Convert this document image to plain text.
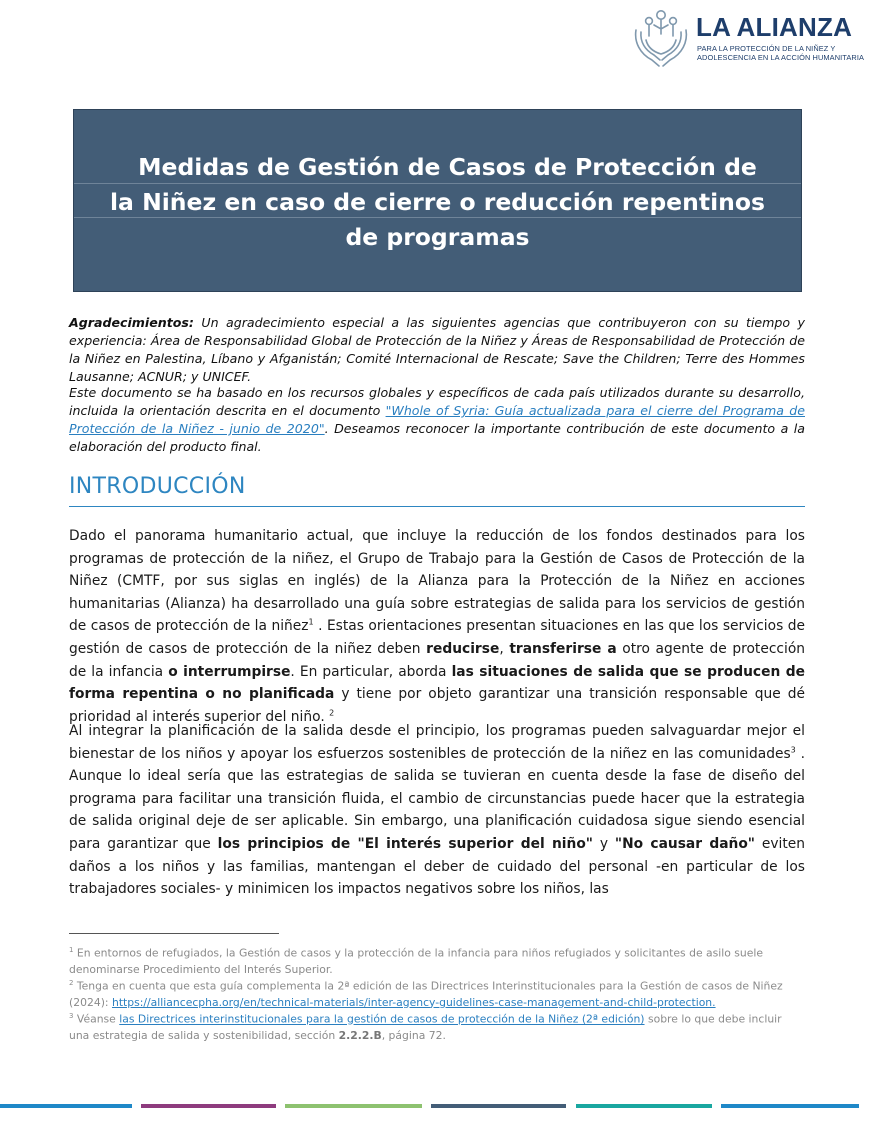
LA ALIANZA
PARA LA PROTECCIÓN DE LA NIÑEZ Y
ADOLESCENCIA EN LA ACCIÓN HUMANITARIA
Medidas de Gestión de Casos de Protección de
la Niñez en caso de cierre o reducción repentinos
de programas
Agradecimientos: Un agradecimiento especial a las siguientes agencias que contribuyeron con su tiempo y experiencia: Área de Responsabilidad Global de Protección de la Niñez y Áreas de Responsabilidad de Protección de la Niñez en Palestina, Líbano y Afganistán; Comité Internacional de Rescate; Save the Children; Terre des Hommes Lausanne; ACNUR; y UNICEF.
Este documento se ha basado en los recursos globales y específicos de cada país utilizados durante su desarrollo, incluida la orientación descrita en el documento "Whole of Syria: Guía actualizada para el cierre del Programa de Protección de la Niñez - junio de 2020". Deseamos reconocer la importante contribución de este documento a la elaboración del producto final.
INTRODUCCIÓN
Dado el panorama humanitario actual, que incluye la reducción de los fondos destinados para los programas de protección de la niñez, el Grupo de Trabajo para la Gestión de Casos de Protección de la Niñez (CMTF, por sus siglas en inglés) de la Alianza para la Protección de la Niñez en acciones humanitarias (Alianza) ha desarrollado una guía sobre estrategias de salida para los servicios de gestión de casos de protección de la niñez$^1$ . Estas orientaciones presentan situaciones en las que los servicios de gestión de casos de protección de la niñez deben reducirse, transferirse a otro agente de protección de la infancia o interrumpirse. En particular, aborda las situaciones de salida que se producen de forma repentina o no planificada y tiene por objeto garantizar una transición responsable que dé prioridad al interés superior del niño. $^2$
Al integrar la planificación de la salida desde el principio, los programas pueden salvaguardar mejor el bienestar de los niños y apoyar los esfuerzos sostenibles de protección de la niñez en las comunidades$^3$ . Aunque lo ideal sería que las estrategias de salida se tuvieran en cuenta desde la fase de diseño del programa para facilitar una transición fluida, el cambio de circunstancias puede hacer que la estrategia de salida original deje de ser aplicable. Sin embargo, una planificación cuidadosa sigue siendo esencial para garantizar que los principios de "El interés superior del niño" y "No causar daño" eviten daños a los niños y las familias, mantengan el deber de cuidado del personal -en particular de los trabajadores sociales- y minimicen los impactos negativos sobre los niños, las
$^1$ En entornos de refugiados, la Gestión de casos y la protección de la infancia para niños refugiados y solicitantes de asilo suele denominarse Procedimiento del Interés Superior.
$^2$ Tenga en cuenta que esta guía complementa la 2ª edición de las Directrices Interinstitucionales para la Gestión de casos de Niñez (2024): https://alliancecpha.org/en/technical-materials/inter-agency-guidelines-case-management-and-child-protection.
$^3$ Véanse las Directrices interinstitucionales para la gestión de casos de protección de la Niñez (2ª edición) sobre lo que debe incluir una estrategia de salida y sostenibilidad, sección 2.2.2.B, página 72.
